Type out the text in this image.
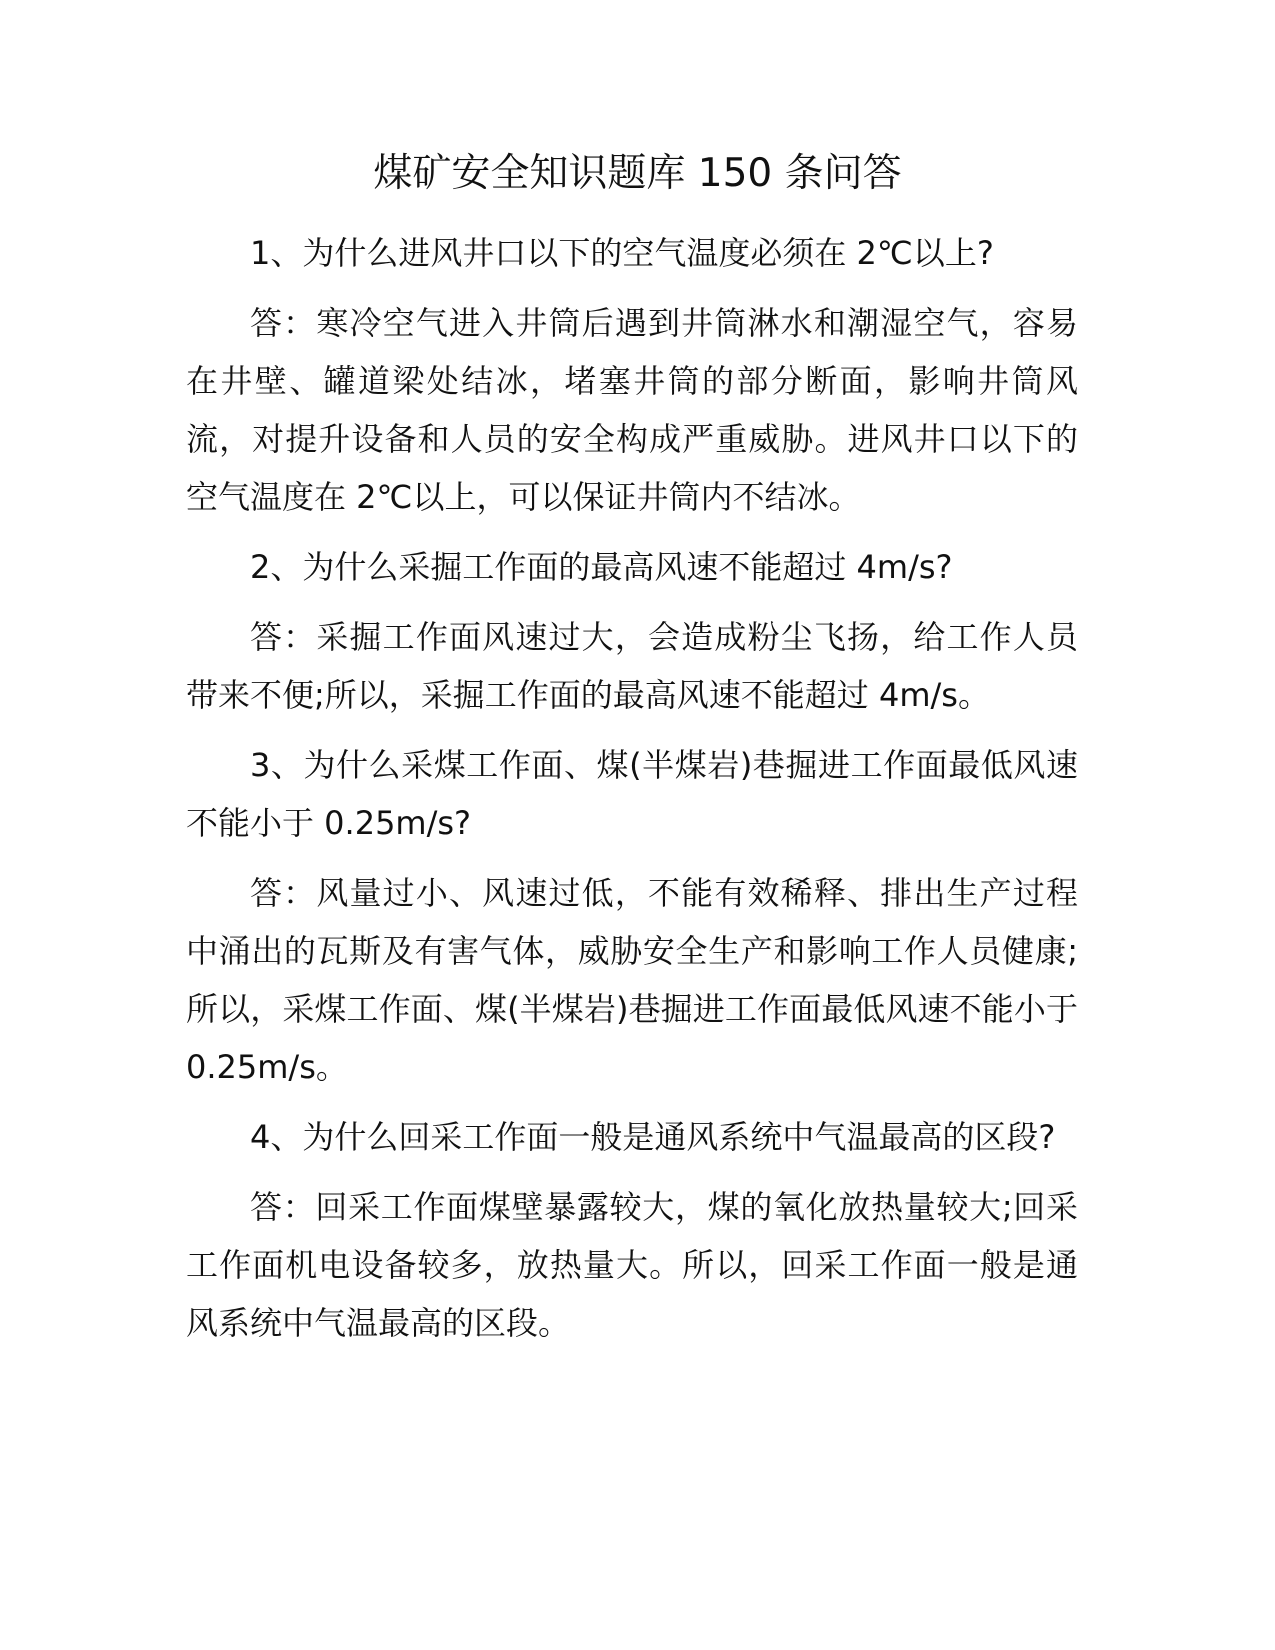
煤矿安全知识题库 150 条问答

1、为什么进风井口以下的空气温度必须在 2℃以上?

答：寒冷空气进入井筒后遇到井筒淋水和潮湿空气，容易在井壁、罐道梁处结冰，堵塞井筒的部分断面，影响井筒风流，对提升设备和人员的安全构成严重威胁。进风井口以下的空气温度在 2℃以上，可以保证井筒内不结冰。

2、为什么采掘工作面的最高风速不能超过 4m/s?

答：采掘工作面风速过大，会造成粉尘飞扬，给工作人员带来不便;所以，采掘工作面的最高风速不能超过 4m/s。

3、为什么采煤工作面、煤(半煤岩)巷掘进工作面最低风速不能小于 0.25m/s?

答：风量过小、风速过低，不能有效稀释、排出生产过程中涌出的瓦斯及有害气体，威胁安全生产和影响工作人员健康;所以，采煤工作面、煤(半煤岩)巷掘进工作面最低风速不能小于 0.25m/s。

4、为什么回采工作面一般是通风系统中气温最高的区段?

答：回采工作面煤壁暴露较大，煤的氧化放热量较大;回采工作面机电设备较多，放热量大。所以，回采工作面一般是通风系统中气温最高的区段。
